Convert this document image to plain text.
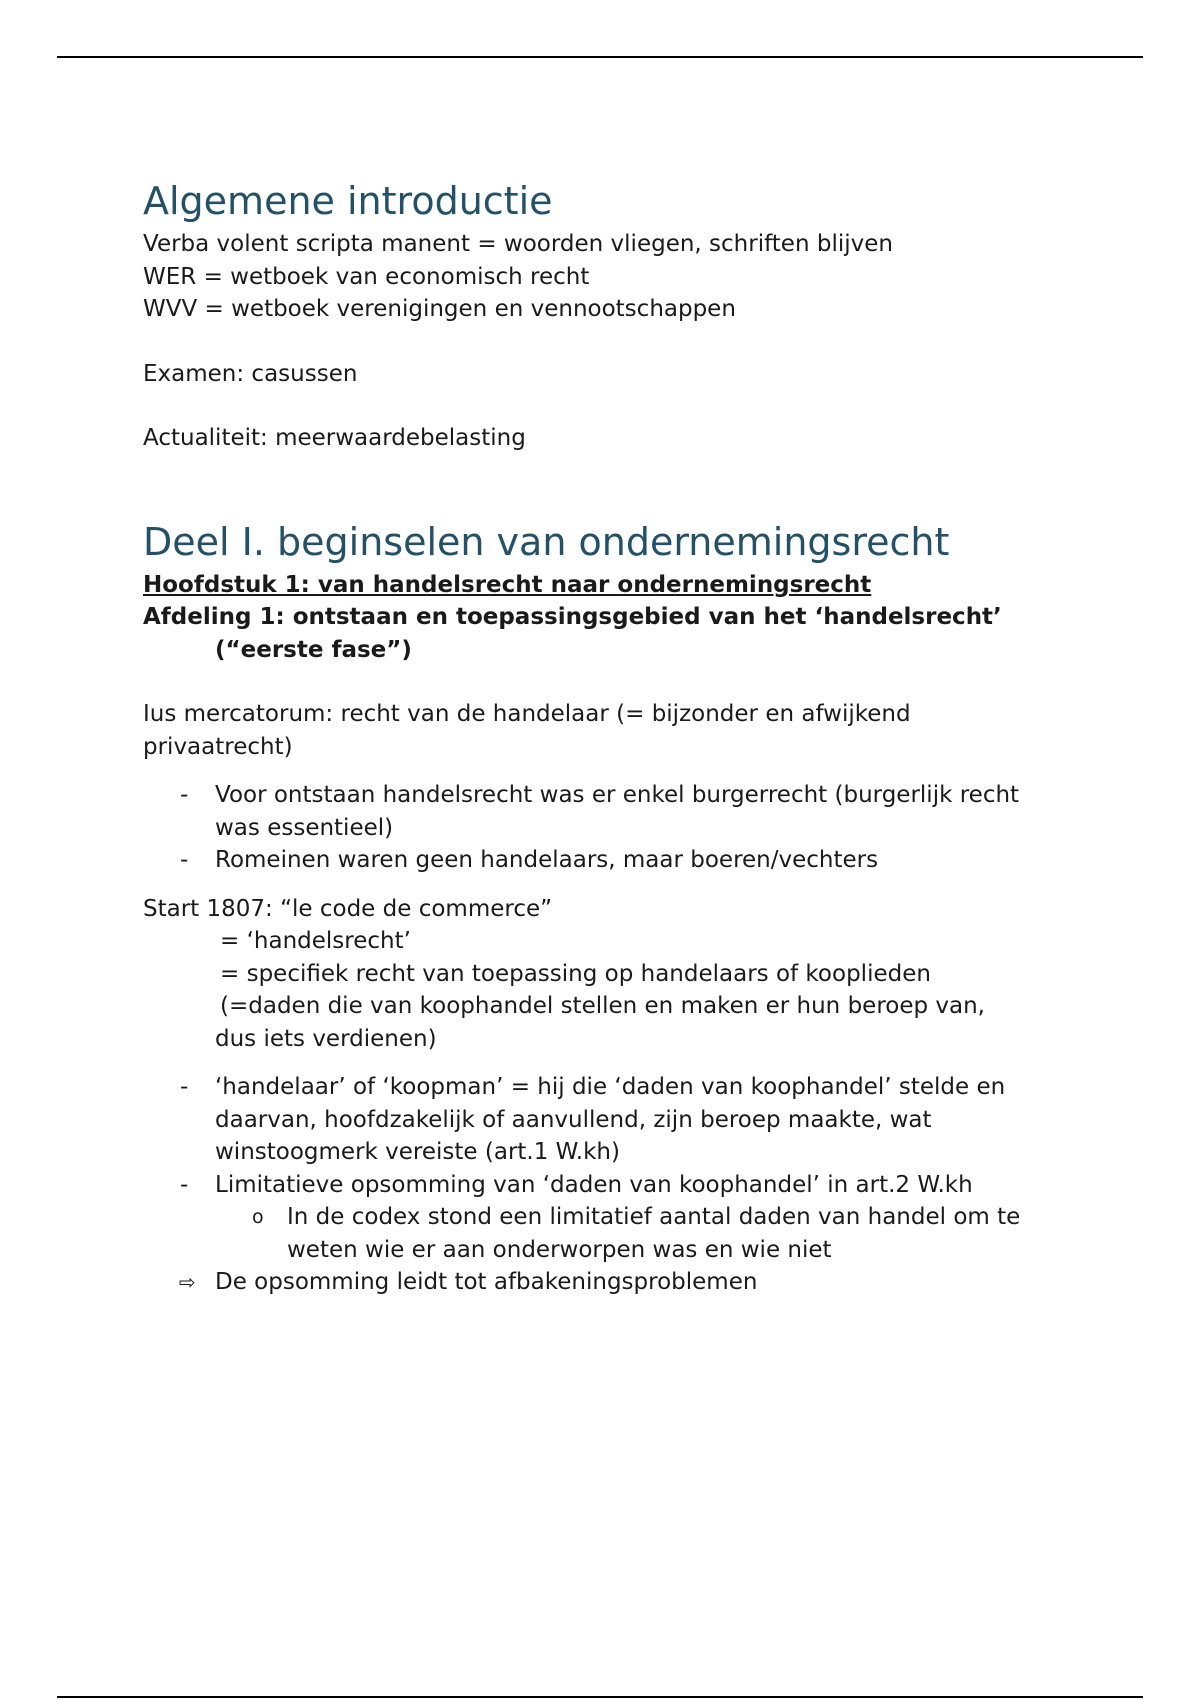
Algemene introductie

Verba volent scripta manent = woorden vliegen, schriften blijven

WER = wetboek van economisch recht

WVV = wetboek verenigingen en vennootschappen

Examen: casussen

Actualiteit: meerwaardebelasting

Deel I. beginselen van ondernemingsrecht

Hoofdstuk 1: van handelsrecht naar ondernemingsrecht

Afdeling 1: ontstaan en toepassingsgebied van het ‘handelsrecht’ (“eerste fase”)

Ius mercatorum: recht van de handelaar (= bijzonder en afwijkend privaatrecht)

- Voor ontstaan handelsrecht was er enkel burgerrecht (burgerlijk recht was essentieel)
- Romeinen waren geen handelaars, maar boeren/vechters

Start 1807: “le code de commerce”

= ‘handelsrecht’
= specifiek recht van toepassing op handelaars of kooplieden
(=daden die van koophandel stellen en maken er hun beroep van,
dus iets verdienen)
- ‘handelaar’ of ‘koopman’ = hij die ‘daden van koophandel’ stelde en daarvan, hoofdzakelijk of aanvullend, zijn beroep maakte, wat winstoogmerk vereiste (art.1 W.kh)
- Limitatieve opsomming van ‘daden van koophandel’ in art.2 W.kh
o In de codex stond een limitatief aantal daden van handel om te weten wie er aan onderworpen was en wie niet
⇨ De opsomming leidt tot afbakeningsproblemen
